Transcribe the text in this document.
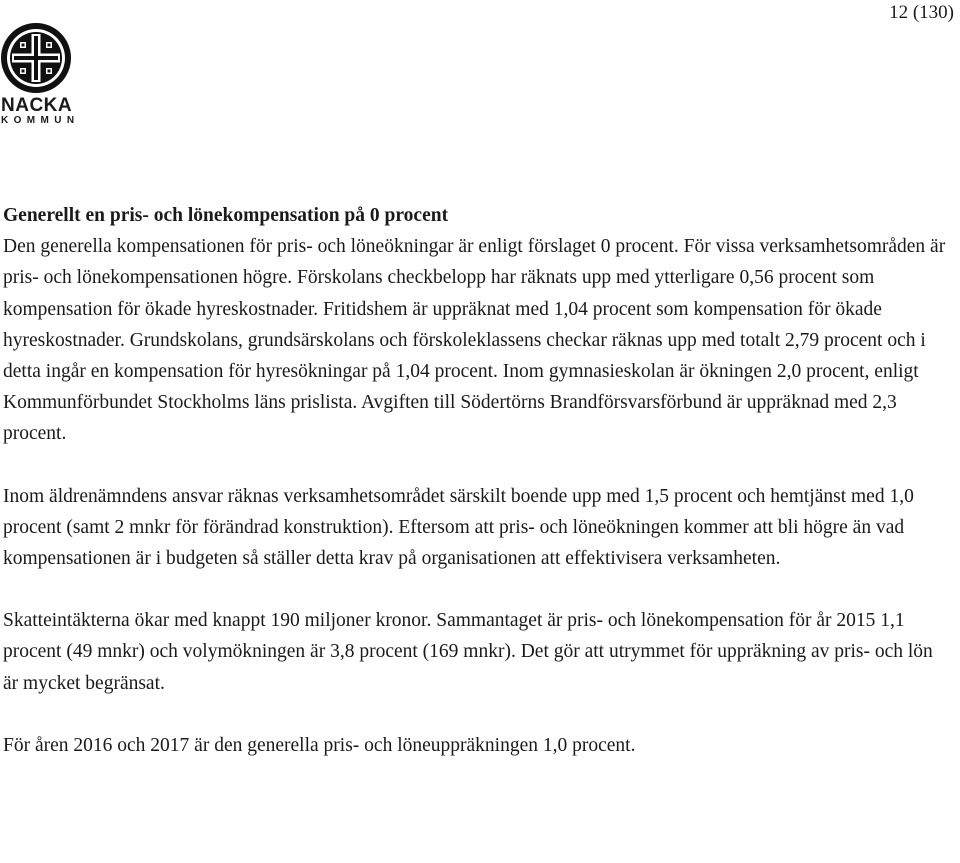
12 (130)
NACKA
KOMMUN
Generellt en pris- och lönekompensation på 0 procent

Den generella kompensationen för pris- och löneökningar är enligt förslaget 0 procent. För vissa verksamhetsområden är pris- och lönekompensationen högre. Förskolans checkbelopp har räknats upp med ytterligare 0,56 procent som kompensation för ökade hyreskostnader. Fritidshem är uppräknat med 1,04 procent som kompensation för ökade hyreskostnader. Grundskolans, grundsärskolans och förskoleklassens checkar räknas upp med totalt 2,79 procent och i detta ingår en kompensation för hyresökningar på 1,04 procent. Inom gymnasieskolan är ökningen 2,0 procent, enligt Kommunförbundet Stockholms läns prislista. Avgiften till Södertörns Brandförsvarsförbund är uppräknad med 2,3 procent.

Inom äldrenämndens ansvar räknas verksamhetsområdet särskilt boende upp med 1,5 procent och hemtjänst med 1,0 procent (samt 2 mnkr för förändrad konstruktion). Eftersom att pris- och löneökningen kommer att bli högre än vad kompensationen är i budgeten så ställer detta krav på organisationen att effektivisera verksamheten.

Skatteintäkterna ökar med knappt 190 miljoner kronor. Sammantaget är pris- och lönekompensation för år 2015 1,1 procent (49 mnkr) och volymökningen är 3,8 procent (169 mnkr). Det gör att utrymmet för uppräkning av pris- och lön är mycket begränsat.

För åren 2016 och 2017 är den generella pris- och löneuppräkningen 1,0 procent.
